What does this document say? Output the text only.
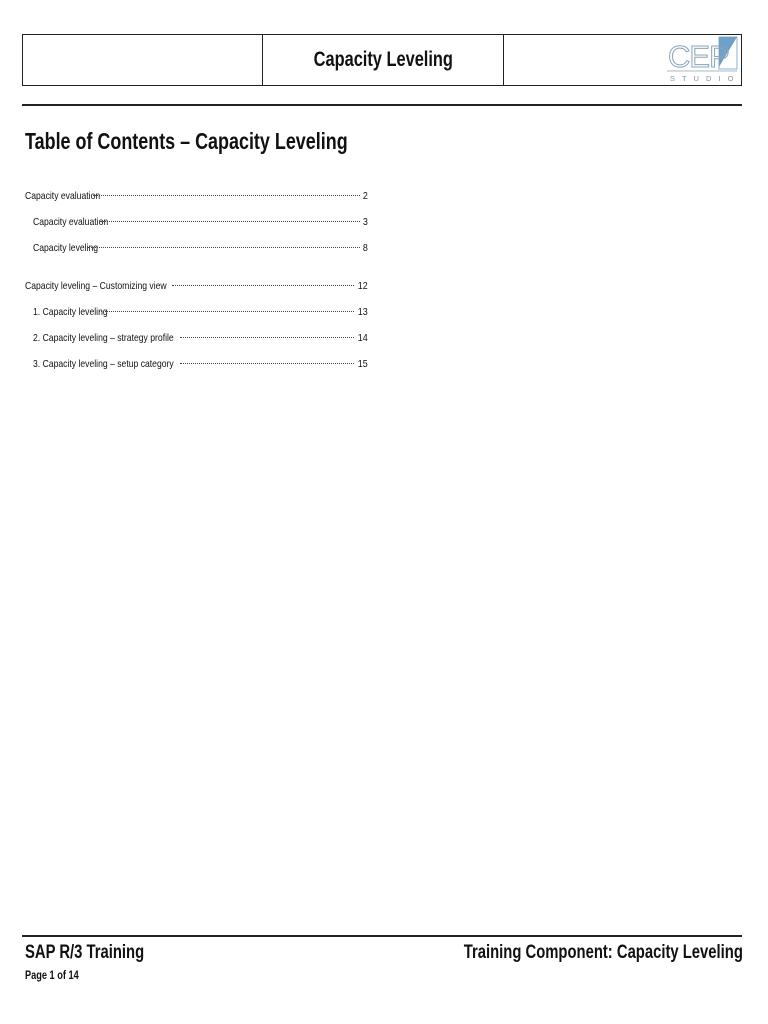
Capacity Leveling	CEP
S T U D I O
Table of Contents – Capacity Leveling
Capacity evaluation	2
Capacity evaluation	3
Capacity leveling	8
Capacity leveling – Customizing view	12
1. Capacity leveling	13
2. Capacity leveling – strategy profile	14
3. Capacity leveling – setup category	15
SAP R/3 Training	Training Component: Capacity Leveling
Page 1 of 14
